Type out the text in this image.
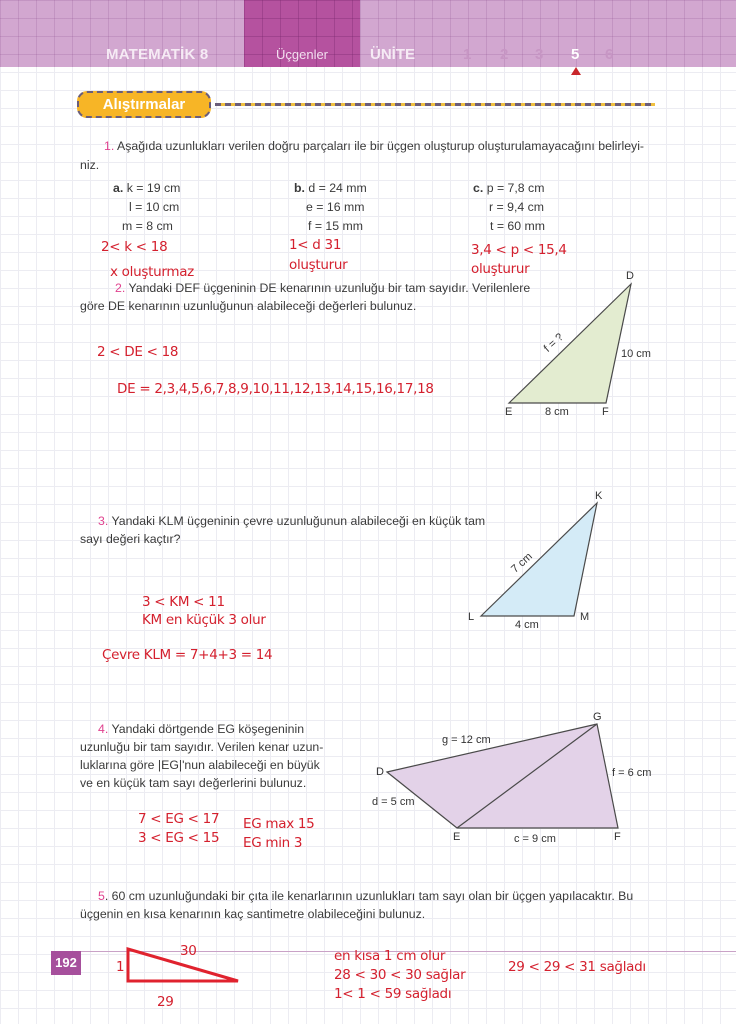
MATEMATİK 8	Üçgenler	ÜNİTE	1 2 3 5 6
Alıştırmalar
1. Aşağıda uzunlukları verilen doğru parçaları ile bir üçgen oluşturup oluşturulamayacağını belirleyi-
niz.
a. k = 19 cm
l = 10 cm
m = 8 cm
b. d = 24 mm
e = 16 mm
f = 15 mm
c. p = 7,8 cm
r = 9,4 cm
t = 60 mm
2< k < 18
x oluşturmaz
1< d 31
oluşturur
3,4 < p < 15,4
oluşturur
2. Yandaki DEF üçgeninin DE kenarının uzunluğu bir tam sayıdır. Verilenlere
göre DE kenarının uzunluğunun alabileceği değerleri bulunuz.
2 < DE < 18
DE = 2,3,4,5,6,7,8,9,10,11,12,13,14,15,16,17,18
D
E	F
f = ?	10 cm
8 cm
3. Yandaki KLM üçgeninin çevre uzunluğunun alabileceği en küçük tam
sayı değeri kaçtır?
3 < KM < 11
KM en küçük 3 olur
Çevre KLM = 7+4+3 = 14
K
L	M
7 cm
4 cm
4. Yandaki dörtgende EG köşegeninin
uzunluğu bir tam sayıdır. Verilen kenar uzun-
luklarına göre |EG|'nun alabileceği en büyük
ve en küçük tam sayı değerlerini bulunuz.
7 < EG < 17
3 < EG < 15
EG max 15
EG min 3
G
D
E	F
g = 12 cm
d = 5 cm
c = 9 cm
f = 6 cm
5. 60 cm uzunluğundaki bir çıta ile kenarlarının uzunlukları tam sayı olan bir üçgen yapılacaktır. Bu
üçgenin en kısa kenarının kaç santimetre olabileceğini bulunuz.
192	1
30
29
en kısa 1 cm olur
28 < 30 < 30 sağlar
1< 1 < 59 sağladı
29 < 29 < 31 sağladı
